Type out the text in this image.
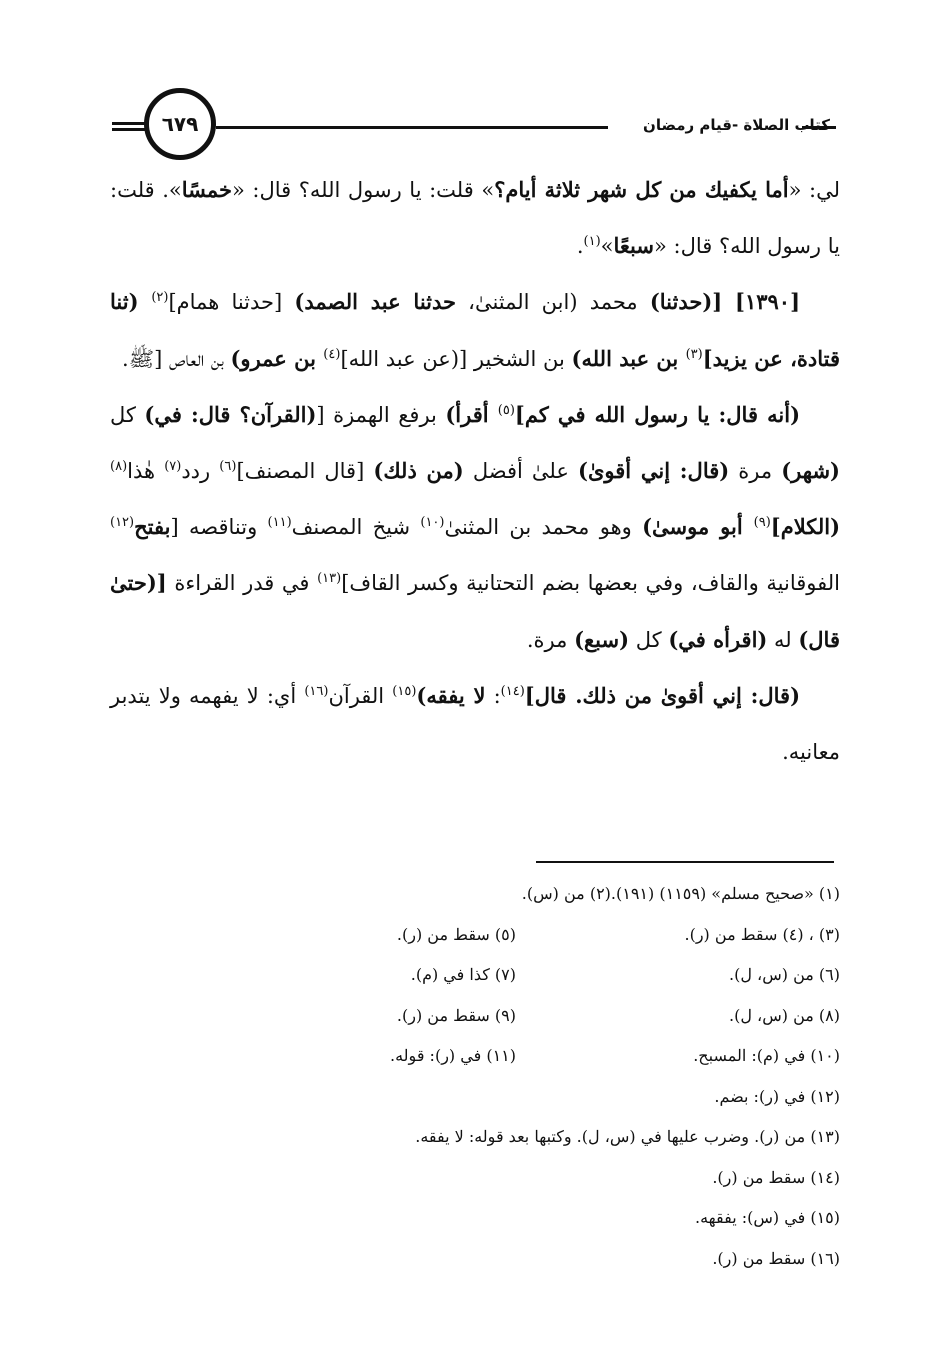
كتاب الصلاة -قيام رمضان
٦٧٩

لي: «أما يكفيك من كل شهر ثلاثة أيام؟» قلت: يا رسول الله؟ قال: «خمسًا». قلت: يا رسول الله؟ قال: «سبعًا»$^{(١)}$.

[١٣٩٠] [(حدثنا) محمد (ابن المثنىٰ، حدثنا عبد الصمد) [حدثنا همام]$^{(٢)}$ (ثنا قتادة، عن يزيد]$^{(٣)}$ بن عبد الله) بن الشخير [(عن عبد الله]$^{(٤)}$ بن عمرو) بن العاص [ﷺ.

(أنه قال: يا رسول الله في كم]$^{(٥)}$ أقرأ) برفع الهمزة [(القرآن؟ قال: في) كل (شهر) مرة (قال: إني أقوىٰ) علىٰ أفضل (من ذلك) [قال المصنف]$^{(٦)}$ ردد$^{(٧)}$ هٰذا$^{(٨)}$ (الكلام]$^{(٩)}$ أبو موسىٰ) وهو محمد بن المثنىٰ$^{(١٠)}$ شيخ المصنف$^{(١١)}$ وتناقصه [بفتح$^{(١٢)}$ الفوقانية والقاف، وفي بعضها بضم التحتانية وكسر القاف]$^{(١٣)}$ في قدر القراءة [(حتىٰ قال) له (اقرأه في) كل (سبع) مرة.

(قال: إني أقوىٰ من ذلك. قال]$^{(١٤)}$: لا يفقه)$^{(١٥)}$ القرآن$^{(١٦)}$ أي: لا يفهمه ولا يتدبر معانيه.

(١) «صحيح مسلم» (١١٥٩) (١٩١).(٢) من (س).
(٣) ، (٤) سقط من (ر).
(٥) سقط من (ر).
(٦) من (س، ل).
(٧) كذا في (م).
(٨) من (س، ل).
(٩) سقط من (ر).
(١٠) في (م): المسبح.
(١١) في (ر): قوله.
(١٢) في (ر): بضم.
(١٣) من (ر). وضرب عليها في (س، ل). وكتبها بعد قوله: لا يفقه.
(١٤) سقط من (ر).
(١٥) في (س): يفقهه.
(١٦) سقط من (ر).
